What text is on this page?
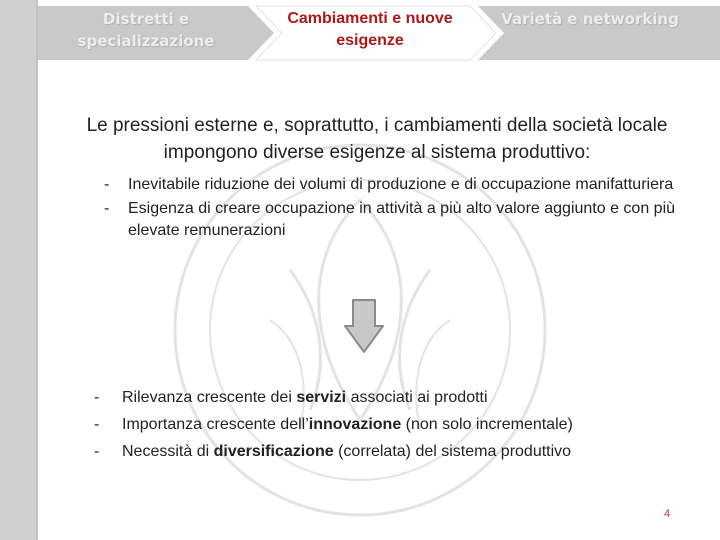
Distretti e specializzazione
Cambiamenti e nuove esigenze
Varietà e networking
Le pressioni esterne e, soprattutto, i cambiamenti della società locale impongono diverse esigenze al sistema produttivo:
- Inevitabile riduzione dei volumi di produzione e di occupazione manifatturiera
- Esigenza di creare occupazione in attività a più alto valore aggiunto e con più elevate remunerazioni
- Rilevanza crescente dei servizi associati ai prodotti
- Importanza crescente dell’innovazione (non solo incrementale)
- Necessità di diversificazione (correlata) del sistema produttivo
4
